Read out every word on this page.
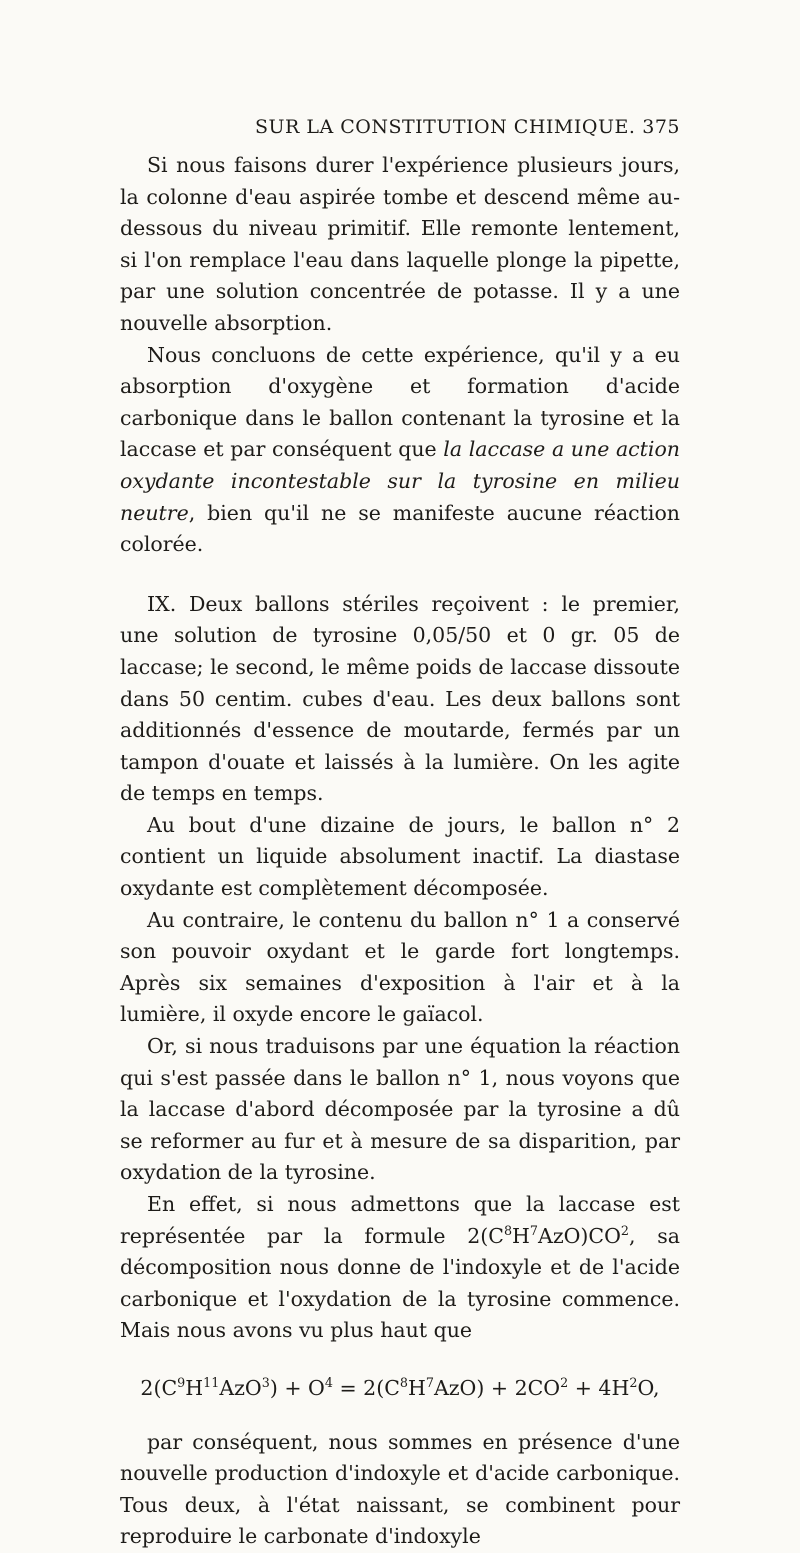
SUR LA CONSTITUTION CHIMIQUE. 375

Si nous faisons durer l'expérience plusieurs jours, la colonne d'eau aspirée tombe et descend même au-dessous du niveau primitif. Elle remonte lentement, si l'on remplace l'eau dans laquelle plonge la pipette, par une solution concentrée de potasse. Il y a une nouvelle absorption.

Nous concluons de cette expérience, qu'il y a eu absorption d'oxygène et formation d'acide carbonique dans le ballon contenant la tyrosine et la laccase et par conséquent que la laccase a une action oxydante incontestable sur la tyrosine en milieu neutre, bien qu'il ne se manifeste aucune réaction colorée.

IX. Deux ballons stériles reçoivent : le premier, une solution de tyrosine 0,05/50 et 0 gr. 05 de laccase; le second, le même poids de laccase dissoute dans 50 centim. cubes d'eau. Les deux ballons sont additionnés d'essence de moutarde, fermés par un tampon d'ouate et laissés à la lumière. On les agite de temps en temps.

Au bout d'une dizaine de jours, le ballon n° 2 contient un liquide absolument inactif. La diastase oxydante est complètement décomposée.

Au contraire, le contenu du ballon n° 1 a conservé son pouvoir oxydant et le garde fort longtemps. Après six semaines d'exposition à l'air et à la lumière, il oxyde encore le gaïacol.

Or, si nous traduisons par une équation la réaction qui s'est passée dans le ballon n° 1, nous voyons que la laccase d'abord décomposée par la tyrosine a dû se reformer au fur et à mesure de sa disparition, par oxydation de la tyrosine.

En effet, si nous admettons que la laccase est représentée par la formule $2(C^8H^7AzO)CO^2$, sa décomposition nous donne de l'indoxyle et de l'acide carbonique et l'oxydation de la tyrosine commence. Mais nous avons vu plus haut que

$2(C^9H^{11}AzO^3) + O^4 = 2(C^8H^7AzO) + 2CO^2 + 4H^2O$,

par conséquent, nous sommes en présence d'une nouvelle production d'indoxyle et d'acide carbonique. Tous deux, à l'état naissant, se combinent pour reproduire le carbonate d'indoxyle
